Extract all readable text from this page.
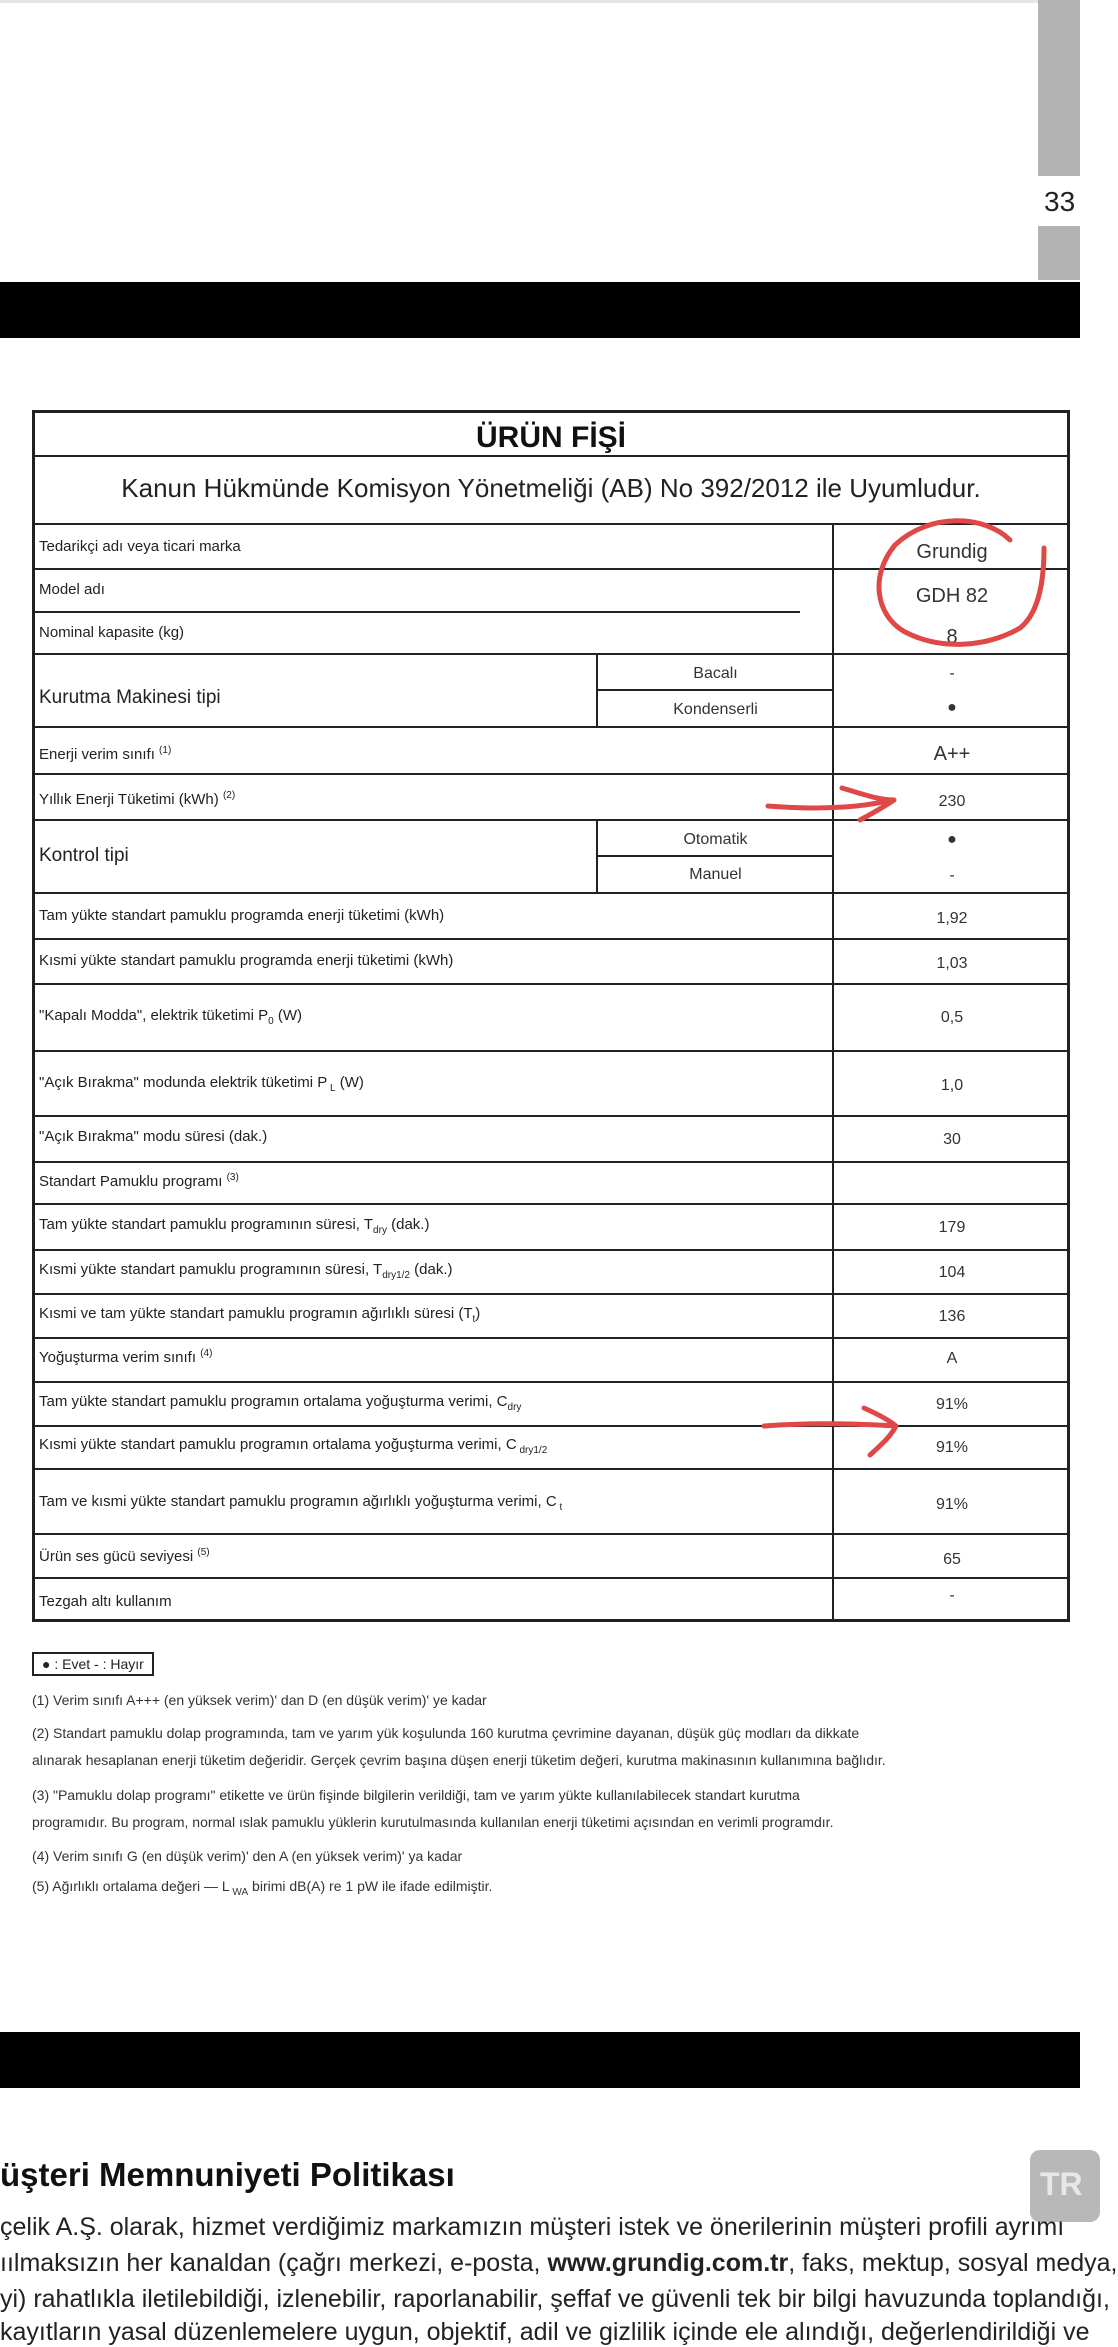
33
ÜRÜN FİŞİ
Kanun Hükmünde Komisyon Yönetmeliği (AB) No 392/2012 ile Uyumludur.
Tedarikçi adı veya ticari marka	Grundig
Model adı	GDH 82
Nominal kapasite (kg)	8
Kurutma Makinesi tipi
Bacalı	-
Kondenserli	●
Enerji verim sınıfı $^{(1)}$	A++
Yıllık Enerji Tüketimi (kWh) $^{(2)}$	230
Kontrol tipi
Otomatik	●
Manuel	-
Tam yükte standart pamuklu programda enerji tüketimi (kWh)	1,92
Kısmi yükte standart pamuklu programda enerji tüketimi (kWh)	1,03
"Kapalı Modda", elektrik tüketimi $P_0$ (W)	0,5
"Açık Bırakma" modunda elektrik tüketimi P $_L$ (W)	1,0
"Açık Bırakma" modu süresi (dak.)	30
Standart Pamuklu programı $^{(3)}$
Tam yükte standart pamuklu programının süresi, $T_{dry}$ (dak.)	179
Kısmi yükte standart pamuklu programının süresi, $T_{dry1/2}$ (dak.)	104
Kısmi ve tam yükte standart pamuklu programın ağırlıklı süresi $(T_t)$	136
Yoğuşturma verim sınıfı $^{(4)}$	A
Tam yükte standart pamuklu programın ortalama yoğuşturma verimi, $C_{dry}$	91%
Kısmi yükte standart pamuklu programın ortalama yoğuşturma verimi, C $_{dry1/2}$	91%
Tam ve kısmi yükte standart pamuklu programın ağırlıklı yoğuşturma verimi, C $_t$	91%
Ürün ses gücü seviyesi $^{(5)}$	65
Tezgah altı kullanım	-
● : Evet - : Hayır
(1) Verim sınıfı A+++ (en yüksek verim)' dan D (en düşük verim)' ye kadar
(2) Standart pamuklu dolap programında, tam ve yarım yük koşulunda 160 kurutma çevrimine dayanan, düşük güç modları da dikkate
alınarak hesaplanan enerji tüketim değeridir. Gerçek çevrim başına düşen enerji tüketim değeri, kurutma makinasının kullanımına bağlıdır.
(3) "Pamuklu dolap programı" etikette ve ürün fişinde bilgilerin verildiği, tam ve yarım yükte kullanılabilecek standart kurutma
programıdır. Bu program, normal ıslak pamuklu yüklerin kurutulmasında kullanılan enerji tüketimi açısından en verimli programdır.
(4) Verim sınıfı G (en düşük verim)' den A (en yüksek verim)' ya kadar
(5) Ağırlıklı ortalama değeri — L $_{WA}$ birimi dB(A) re 1 pW ile ifade edilmiştir.
TR
üşteri Memnuniyeti Politikası
çelik A.Ş. olarak, hizmet verdiğimiz markamızın müşteri istek ve önerilerinin müşteri profili ayrımı
ıılmaksızın her kanaldan (çağrı merkezi, e-posta, www.grundig.com.tr, faks, mektup, sosyal medya,
yi) rahatlıkla iletilebildiği, izlenebilir, raporlanabilir, şeffaf ve güvenli tek bir bilgi havuzunda toplandığı,
kayıtların yasal düzenlemelere uygun, objektif, adil ve gizlilik içinde ele alındığı, değerlendirildiği ve
